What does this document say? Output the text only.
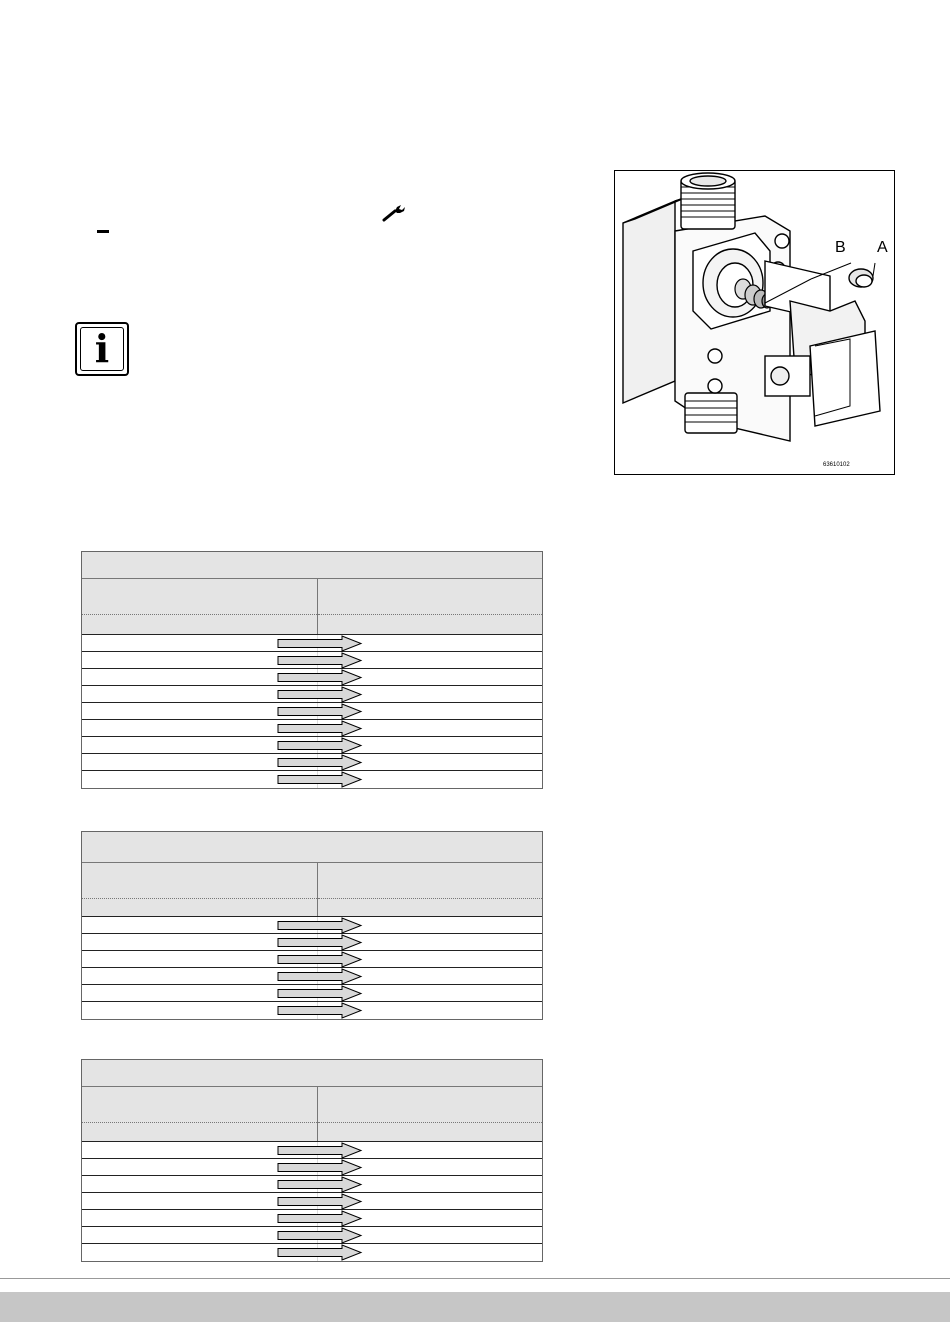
i
B A
63610102
